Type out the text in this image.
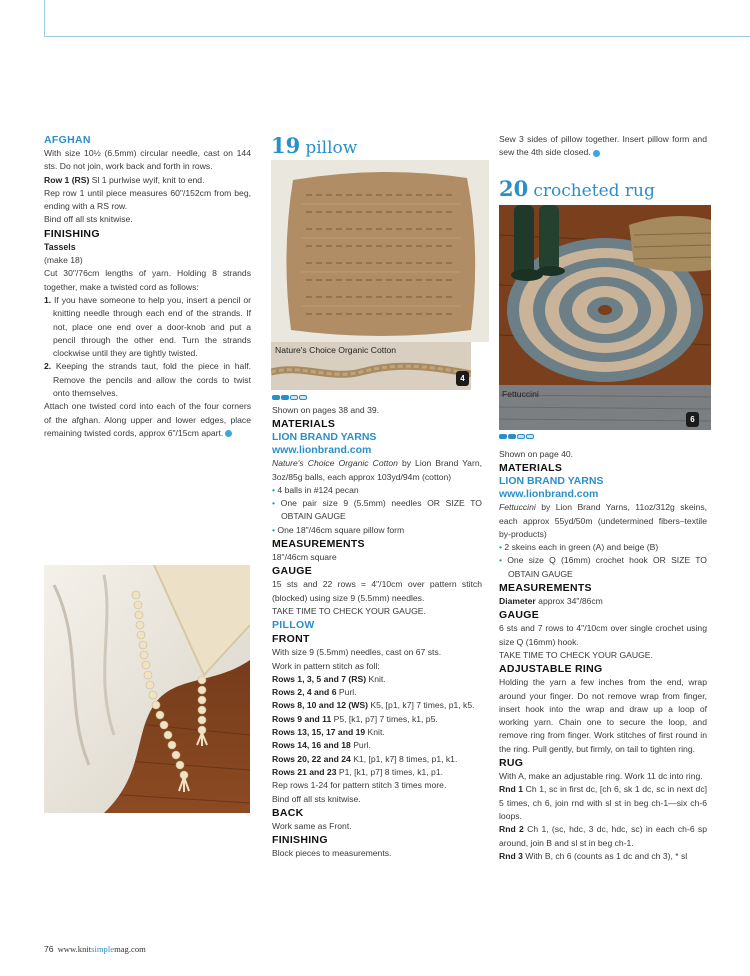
AFGHAN

With size 10½ (6.5mm) circular needle, cast on 144 sts. Do not join, work back and forth in rows.

Row 1 (RS) Sl 1 purlwise wyif, knit to end.

Rep row 1 until piece measures 60"/152cm from beg, ending with a RS row.

Bind off all sts knitwise.

FINISHING

Tassels

(make 18)

Cut 30"/76cm lengths of yarn. Holding 8 strands together, make a twisted cord as follows:

1. If you have someone to help you, insert a pencil or knitting needle through each end of the strands. If not, place one end over a door-knob and put a pencil through the other end. Turn the strands clockwise until they are tightly twisted.

2. Keeping the strands taut, fold the piece in half. Remove the pencils and allow the cords to twist onto themselves.

Attach one twisted cord into each of the four corners of the afghan. Along upper and lower edges, place remaining twisted cords, approx 6"/15cm apart.

19 pillow
Nature's Choice Organic Cotton
4

Shown on pages 38 and 39.

MATERIALS

LION BRAND YARNS

www.lionbrand.com

Nature's Choice Organic Cotton by Lion Brand Yarn, 3oz/85g balls, each approx 103yd/94m (cotton)

• 4 balls in #124 pecan

• One pair size 9 (5.5mm) needles OR SIZE TO OBTAIN GAUGE

• One 18"/46cm square pillow form

MEASUREMENTS

18"/46cm square

GAUGE

15 sts and 22 rows = 4"/10cm over pattern stitch (blocked) using size 9 (5.5mm) needles.

TAKE TIME TO CHECK YOUR GAUGE.

PILLOW

FRONT

With size 9 (5.5mm) needles, cast on 67 sts.

Work in pattern stitch as foll:

Rows 1, 3, 5 and 7 (RS) Knit.

Rows 2, 4 and 6 Purl.

Rows 8, 10 and 12 (WS) K5, [p1, k7] 7 times, p1, k5.

Rows 9 and 11 P5, [k1, p7] 7 times, k1, p5.

Rows 13, 15, 17 and 19 Knit.

Rows 14, 16 and 18 Purl.

Rows 20, 22 and 24 K1, [p1, k7] 8 times, p1, k1.

Rows 21 and 23 P1, [k1, p7] 8 times, k1, p1.

Rep rows 1-24 for pattern stitch 3 times more.

Bind off all sts knitwise.

BACK

Work same as Front.

FINISHING

Block pieces to measurements.

Sew 3 sides of pillow together. Insert pillow form and sew the 4th side closed.

20 crocheted rug
Fettuccini
6

Shown on page 40.

MATERIALS

LION BRAND YARNS

www.lionbrand.com

Fettuccini by Lion Brand Yarns, 11oz/312g skeins, each approx 55yd/50m (undetermined fibers–textile by-products)

• 2 skeins each in green (A) and beige (B)

• One size Q (16mm) crochet hook OR SIZE TO OBTAIN GAUGE

MEASUREMENTS

Diameter approx 34"/86cm

GAUGE

6 sts and 7 rows to 4"/10cm over single crochet using size Q (16mm) hook.

TAKE TIME TO CHECK YOUR GAUGE.

ADJUSTABLE RING

Holding the yarn a few inches from the end, wrap around your finger. Do not remove wrap from finger, insert hook into the wrap and draw up a loop of working yarn. Chain one to secure the loop, and remove ring from finger. Work stitches of first round in the ring. Pull gently, but firmly, on tail to tighten ring.

RUG

With A, make an adjustable ring. Work 11 dc into ring.

Rnd 1 Ch 1, sc in first dc, [ch 6, sk 1 dc, sc in next dc] 5 times, ch 6, join rnd with sl st in beg ch-1—six ch-6 loops.

Rnd 2 Ch 1, (sc, hdc, 3 dc, hdc, sc) in each ch-6 sp around, join B and sl st in beg ch-1.

Rnd 3 With B, ch 6 (counts as 1 dc and ch 3), * sl

76 www.knitsimplemag.com
